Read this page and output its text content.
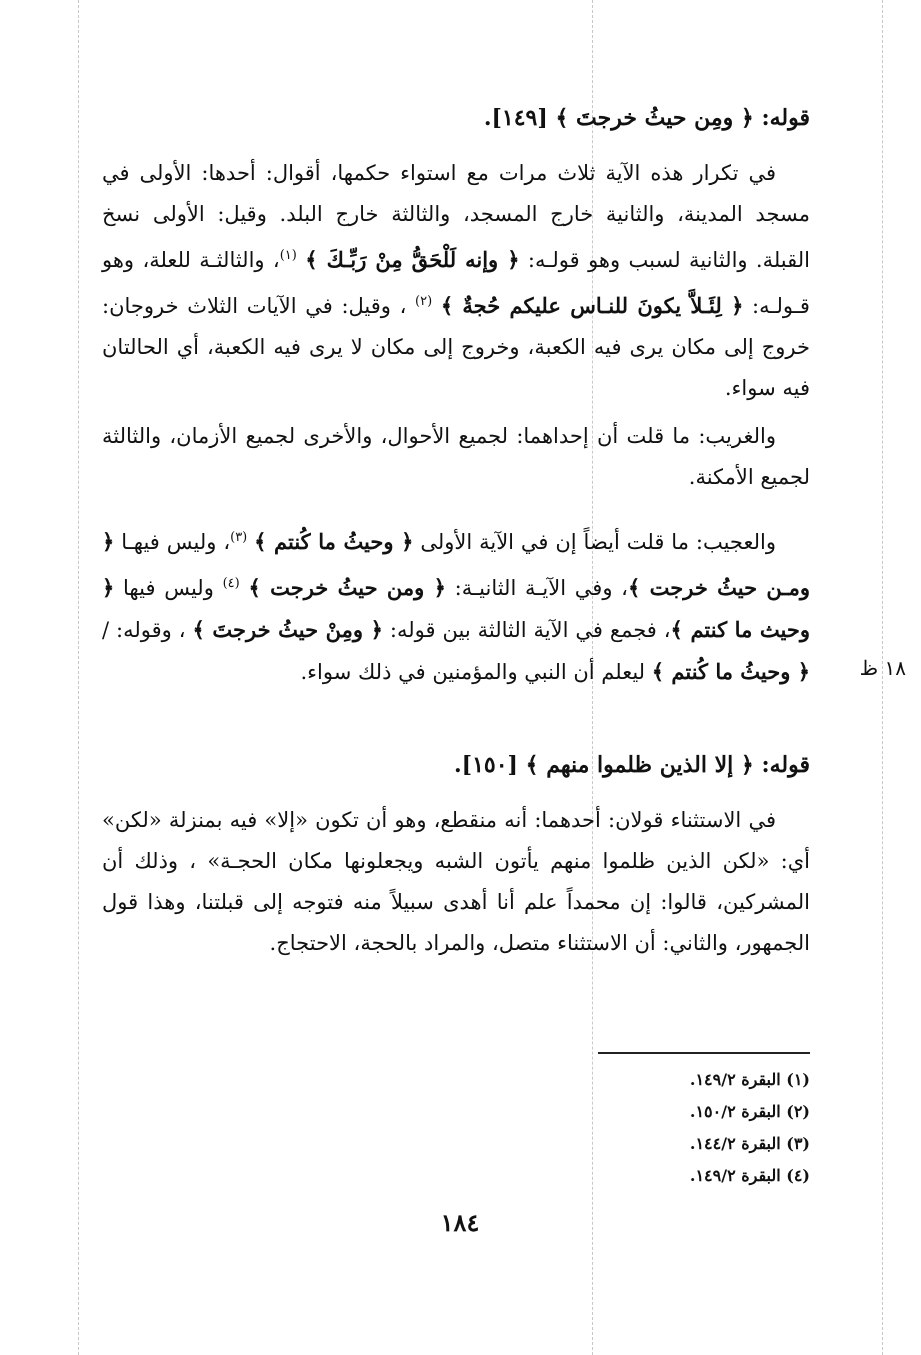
قوله: ﴿ ومِن حيثُ خرجتَ ﴾ [١٤٩].

في تكرار هذه الآية ثلاث مرات مع استواء حكمها، أقوال: أحدها: الأولى في مسجد المدينة، والثانية خارج المسجد، والثالثة خارج البلد. وقيل: الأولى نسخ القبلة. والثانية لسبب وهو قولـه: ﴿ وإنه لَلْحَقُّ مِنْ رَبِّـكَ ﴾ $^{(١)}$، والثالثـة للعلة، وهو قـولـه: ﴿ لِئَـلاَّ يكونَ للنـاس عليكم حُجةٌ ﴾ $^{(٢)}$ ، وقيل: في الآيات الثلاث خروجان: خروج إلى مكان يرى فيه الكعبة، وخروج إلى مكان لا يرى فيه الكعبة، أي الحالتان فيه سواء.

والغريب: ما قلت أن إحداهما: لجميع الأحوال، والأخرى لجميع الأزمان، والثالثة لجميع الأمكنة.

والعجيب: ما قلت أيضاً إن في الآية الأولى ﴿ وحيثُ ما كُنتم ﴾ $^{(٣)}$، وليس فيهـا ﴿ ومـن حيثُ خرجت ﴾، وفي الآيـة الثانيـة: ﴿ ومن حيثُ خرجت ﴾ $^{(٤)}$ وليس فيها ﴿ وحيث ما كنتم ﴾، فجمع في الآية الثالثة بين قوله: ﴿ ومِنْ حيثُ خرجتَ ﴾ ، وقوله: / ﴿ وحيثُ ما كُنتم ﴾ ليعلم أن النبي والمؤمنين في ذلك سواء.	١٨ ظ

قوله: ﴿ إلا الذين ظلموا منهم ﴾ [١٥٠].

في الاستثناء قولان: أحدهما: أنه منقطع، وهو أن تكون «إلا» فيه بمنزلة «لكن» أي: «لكن الذين ظلموا منهم يأتون الشبه ويجعلونها مكان الحجـة» ، وذلك أن المشركين، قالوا: إن محمداً علم أنا أهدى سبيلاً منه فتوجه إلى قبلتنا، وهذا قول الجمهور، والثاني: أن الاستثناء متصل، والمراد بالحجة، الاحتجاج.

(١) البقرة ١٤٩/٢.

(٢) البقرة ١٥٠/٢.

(٣) البقرة ١٤٤/٢.

(٤) البقرة ١٤٩/٢.

١٨٤
